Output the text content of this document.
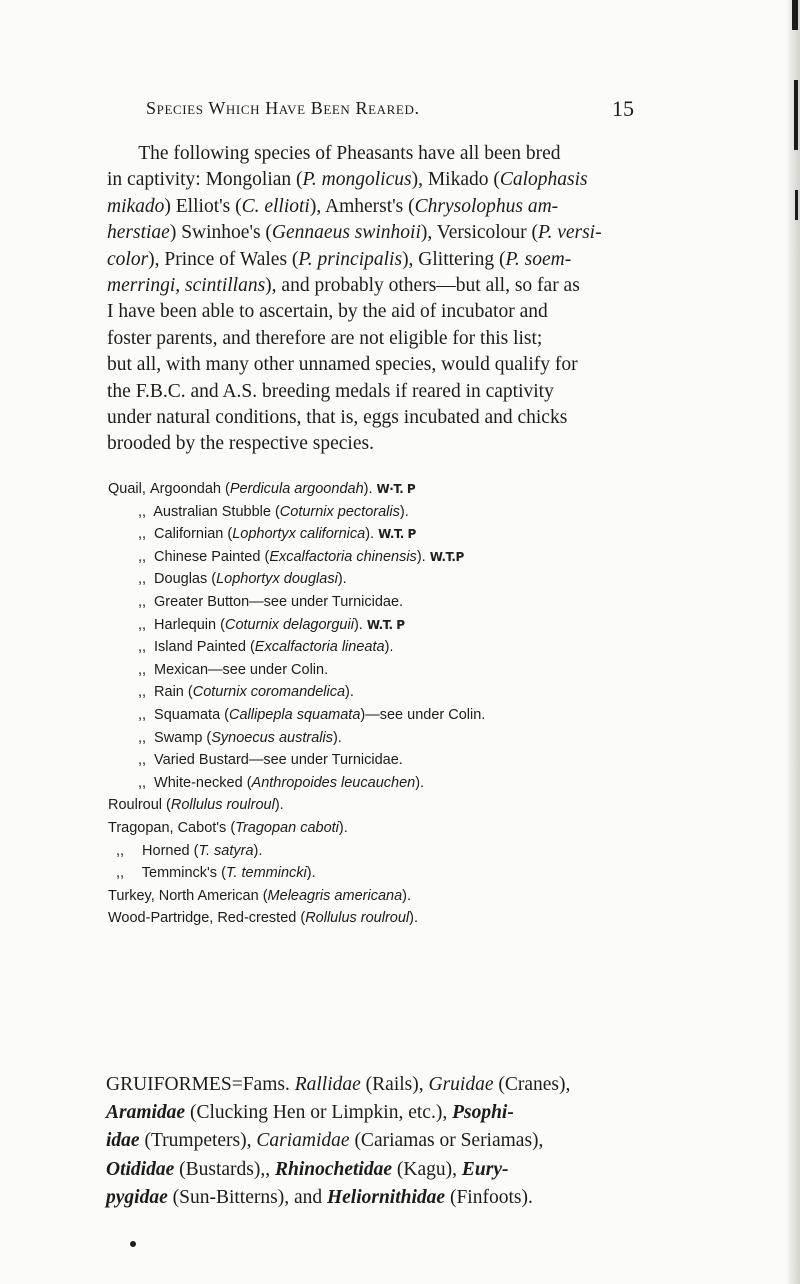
Species Which Have Been Reared.	15
The following species of Pheasants have all been bred
in captivity: Mongolian (P. mongolicus), Mikado (Calophasis
mikado) Elliot's (C. ellioti), Amherst's (Chrysolophus am-
herstiae) Swinhoe's (Gennaeus swinhoii), Versicolour (P. versi-
color), Prince of Wales (P. principalis), Glittering (P. soem-
merringi, scintillans), and probably others—but all, so far as
I have been able to ascertain, by the aid of incubator and
foster parents, and therefore are not eligible for this list;
but all, with many other unnamed species, would qualify for
the F.B.C. and A.S. breeding medals if reared in captivity
under natural conditions, that is, eggs incubated and chicks
brooded by the respective species.
Quail, Argoondah (Perdicula argoondah). W·T. P
,, Australian Stubble (Coturnix pectoralis).
,, Californian (Lophortyx californica). W.T. P
,, Chinese Painted (Excalfactoria chinensis). W.T.P
,, Douglas (Lophortyx douglasi).
,, Greater Button—see under Turnicidae.
,, Harlequin (Coturnix delagorguii). W.T. P
,, Island Painted (Excalfactoria lineata).
,, Mexican—see under Colin.
,, Rain (Coturnix coromandelica).
,, Squamata (Callipepla squamata)—see under Colin.
,, Swamp (Synoecus australis).
,, Varied Bustard—see under Turnicidae.
,, White-necked (Anthropoides leucauchen).
Roulroul (Rollulus roulroul).
Tragopan, Cabot's (Tragopan caboti).
,, Horned (T. satyra).
,, Temminck's (T. temmincki).
Turkey, North American (Meleagris americana).
Wood-Partridge, Red-crested (Rollulus roulroul).
GRUIFORMES=Fams. Rallidae (Rails), Gruidae (Cranes),
Aramidae (Clucking Hen or Limpkin, etc.), Psophi-
idae (Trumpeters), Cariamidae (Cariamas or Seriamas),
Otididae (Bustards),, Rhinochetidae (Kagu), Eury-
pygidae (Sun-Bitterns), and Heliornithidae (Finfoots).
